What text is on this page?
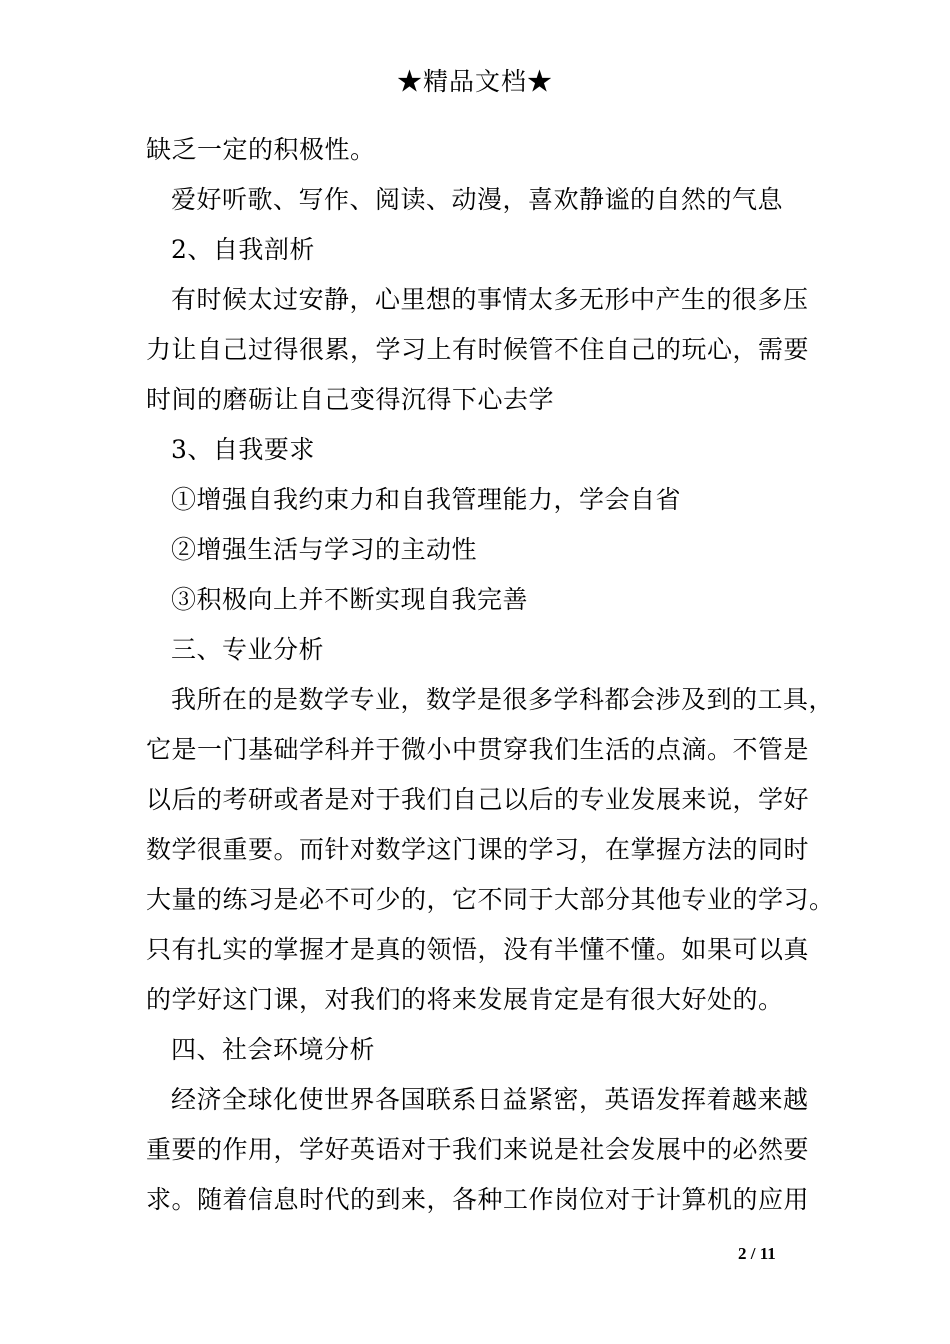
★精品文档★
缺乏一定的积极性。
爱好听歌、写作、阅读、动漫，喜欢静谧的自然的气息
2、自我剖析
有时候太过安静，心里想的事情太多无形中产生的很多压
力让自己过得很累，学习上有时候管不住自己的玩心，需要
时间的磨砺让自己变得沉得下心去学
3、自我要求
①增强自我约束力和自我管理能力，学会自省
②增强生活与学习的主动性
③积极向上并不断实现自我完善
三、专业分析
我所在的是数学专业，数学是很多学科都会涉及到的工具，
它是一门基础学科并于微小中贯穿我们生活的点滴。不管是
以后的考研或者是对于我们自己以后的专业发展来说，学好
数学很重要。而针对数学这门课的学习，在掌握方法的同时
大量的练习是必不可少的，它不同于大部分其他专业的学习。
只有扎实的掌握才是真的领悟，没有半懂不懂。如果可以真
的学好这门课，对我们的将来发展肯定是有很大好处的。
四、社会环境分析
经济全球化使世界各国联系日益紧密，英语发挥着越来越
重要的作用，学好英语对于我们来说是社会发展中的必然要
求。随着信息时代的到来，各种工作岗位对于计算机的应用
2 / 11
